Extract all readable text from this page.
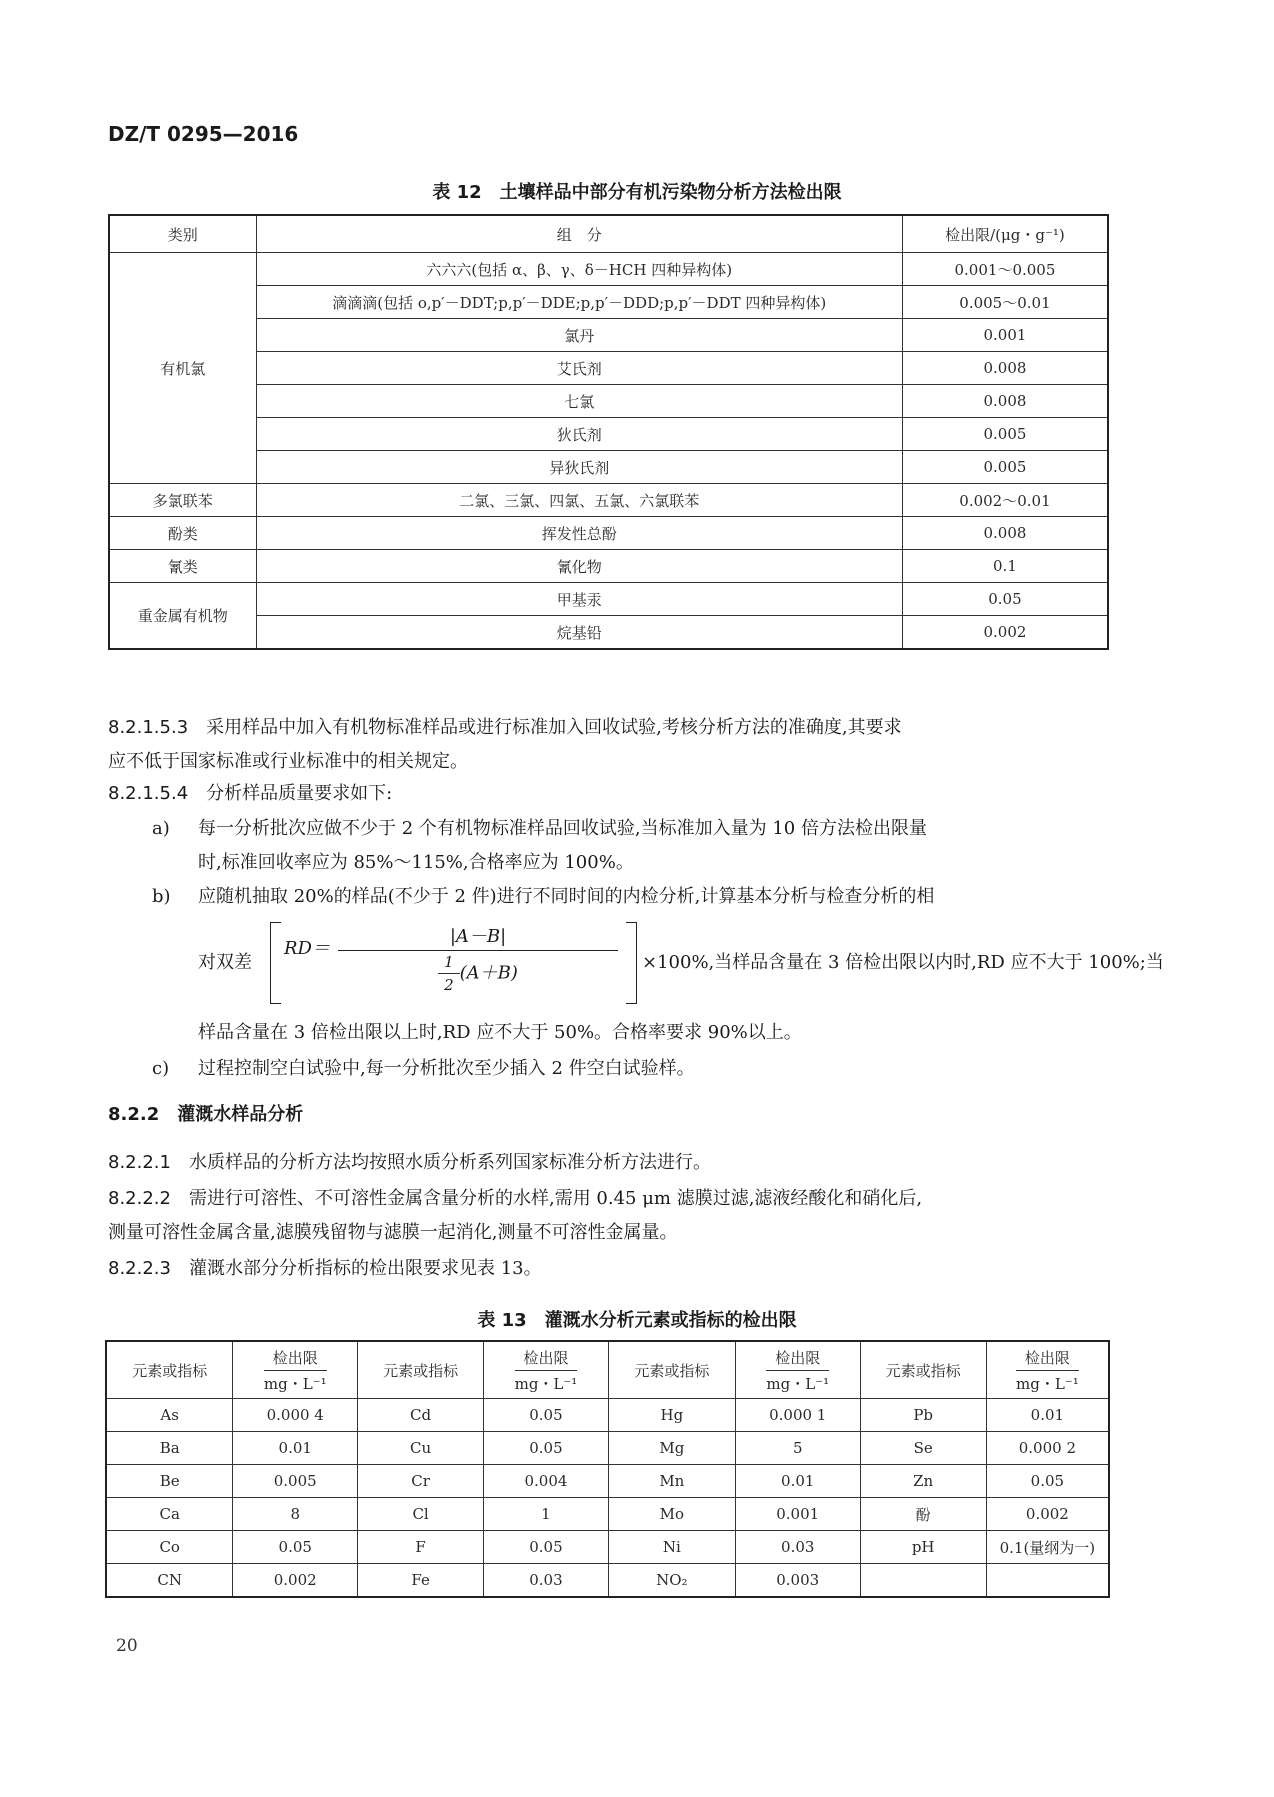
DZ/T 0295—2016
表 12　土壤样品中部分有机污染物分析方法检出限
类别	组　分	检出限/(μg・g⁻¹)
有机氯	六六六(包括 α、β、γ、δ－HCH 四种异构体)	0.001～0.005
	滴滴滴(包括 o,p′－DDT;p,p′－DDE;p,p′－DDD;p,p′－DDT 四种异构体)	0.005～0.01
	氯丹	0.001
	艾氏剂	0.008
	七氯	0.008
	狄氏剂	0.005
	异狄氏剂	0.005
多氯联苯	二氯、三氯、四氯、五氯、六氯联苯	0.002～0.01
酚类	挥发性总酚	0.008
氰类	氰化物	0.1
重金属有机物	甲基汞	0.05
	烷基铅	0.002
8.2.1.5.3　 采用样品中加入有机物标准样品或进行标准加入回收试验,考核分析方法的准确度,其要求
应不低于国家标准或行业标准中的相关规定。
8.2.1.5.4　 分析样品质量要求如下:
a) 每一分析批次应做不少于 2 个有机物标准样品回收试验,当标准加入量为 10 倍方法检出限量
时,标准回收率应为 85%～115%,合格率应为 100%。
b) 应随机抽取 20%的样品(不少于 2 件)进行不同时间的内检分析,计算基本分析与检查分析的相
对双差
$RD= \frac{|A-B|}{\frac{1}{2} (A+B)} \times 100\%$,当样品含量在 3 倍检出限以内时,RD 应不大于 100%;当
样品含量在 3 倍检出限以上时,RD 应不大于 50%。合格率要求 90%以上。
c) 过程控制空白试验中,每一分析批次至少插入 2 件空白试验样。
8.2.2　 灌溉水样品分析
8.2.2.1　 水质样品的分析方法均按照水质分析系列国家标准分析方法进行。
8.2.2.2　 需进行可溶性、不可溶性金属含量分析的水样,需用 0.45 μm 滤膜过滤,滤液经酸化和硝化后,
测量可溶性金属含量,滤膜残留物与滤膜一起消化,测量不可溶性金属量。
8.2.2.3　 灌溉水部分分析指标的检出限要求见表 13。
表 13　灌溉水分析元素或指标的检出限
元素或指标	$\frac{\text{检出限}}{\text{mg・L⁻¹}}$	元素或指标	$\frac{\text{检出限}}{\text{mg・L⁻¹}}$	元素或指标	$\frac{\text{检出限}}{\text{mg・L⁻¹}}$	元素或指标	$\frac{\text{检出限}}{\text{mg・L⁻¹}}$

As	0.000 4	Cd	0.05	Hg	0.000 1	Pb	0.01
Ba	0.01	Cu	0.05	Mg	5	Se	0.000 2
Be	0.005	Cr	0.004	Mn	0.01	Zn	0.05
Ca	8	Cl	1	Mo	0.001	酚	0.002
Co	0.05	F	0.05	Ni	0.03	pH	0.1(量纲为一)
CN	0.002	Fe	0.03	NO₂	0.003		
20
